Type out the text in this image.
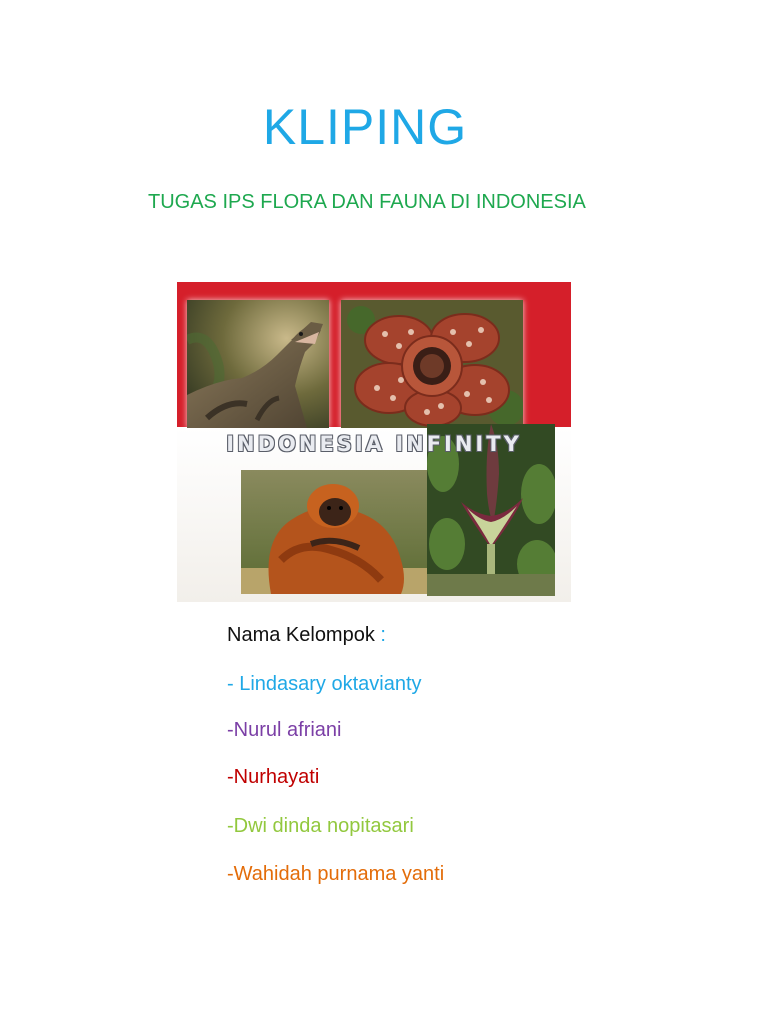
KLIPING
TUGAS IPS FLORA DAN FAUNA DI INDONESIA
INDONESIA INFINITY
Nama Kelompok :
- Lindasary oktavianty
-Nurul afriani
-Nurhayati
-Dwi dinda nopitasari
-Wahidah purnama yanti
